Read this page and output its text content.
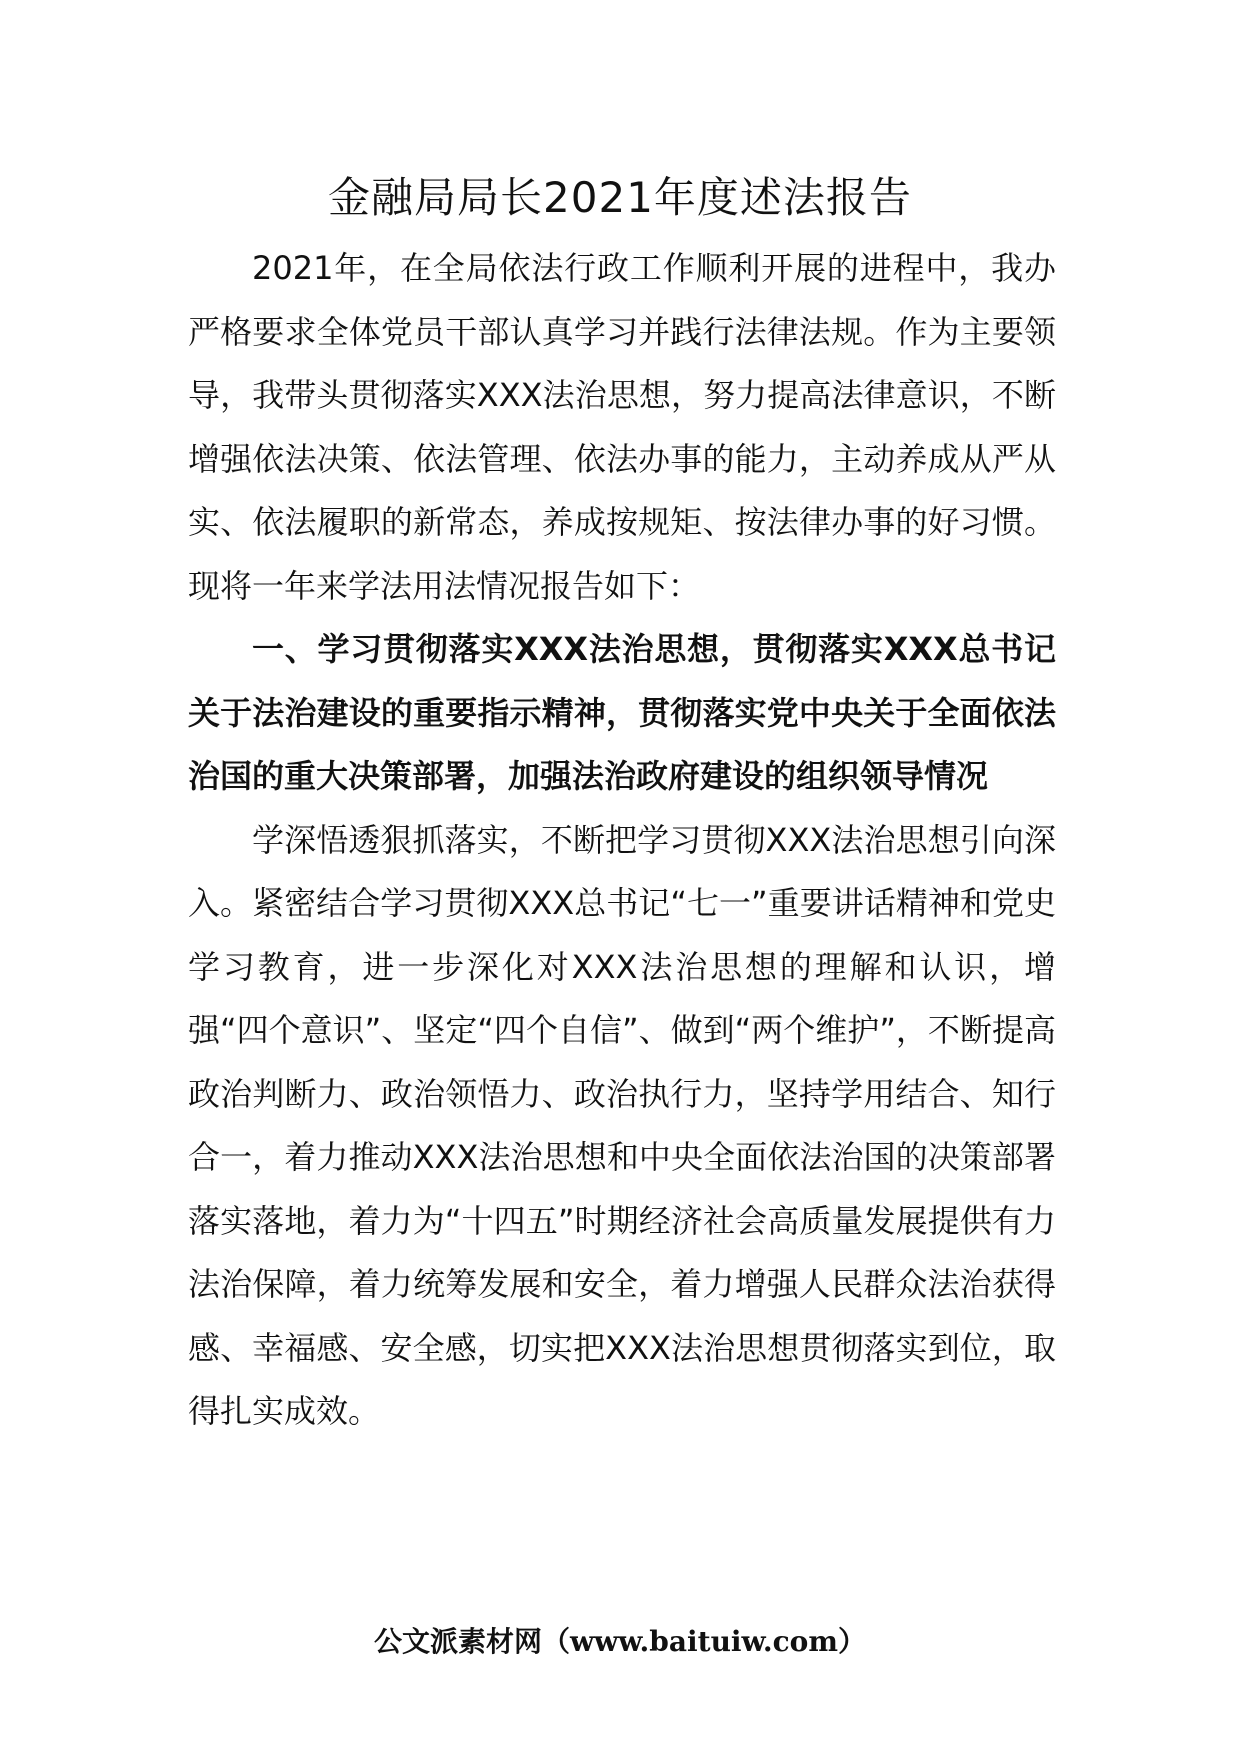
金融局局长2021年度述法报告

2021年，在全局依法行政工作顺利开展的进程中，我办严格要求全体党员干部认真学习并践行法律法规。作为主要领导，我带头贯彻落实XXX法治思想，努力提高法律意识，不断增强依法决策、依法管理、依法办事的能力，主动养成从严从实、依法履职的新常态，养成按规矩、按法律办事的好习惯。现将一年来学法用法情况报告如下：

一、学习贯彻落实XXX法治思想，贯彻落实XXX总书记关于法治建设的重要指示精神，贯彻落实党中央关于全面依法治国的重大决策部署，加强法治政府建设的组织领导情况

学深悟透狠抓落实，不断把学习贯彻XXX法治思想引向深入。紧密结合学习贯彻XXX总书记“七一”重要讲话精神和党史学习教育，进一步深化对XXX法治思想的理解和认识，增强“四个意识”、坚定“四个自信”、做到“两个维护”，不断提高政治判断力、政治领悟力、政治执行力，坚持学用结合、知行合一，着力推动XXX法治思想和中央全面依法治国的决策部署落实落地，着力为“十四五”时期经济社会高质量发展提供有力法治保障，着力统筹发展和安全，着力增强人民群众法治获得感、幸福感、安全感，切实把XXX法治思想贯彻落实到位，取得扎实成效。

公文派素材网（www.baituiw.com）
